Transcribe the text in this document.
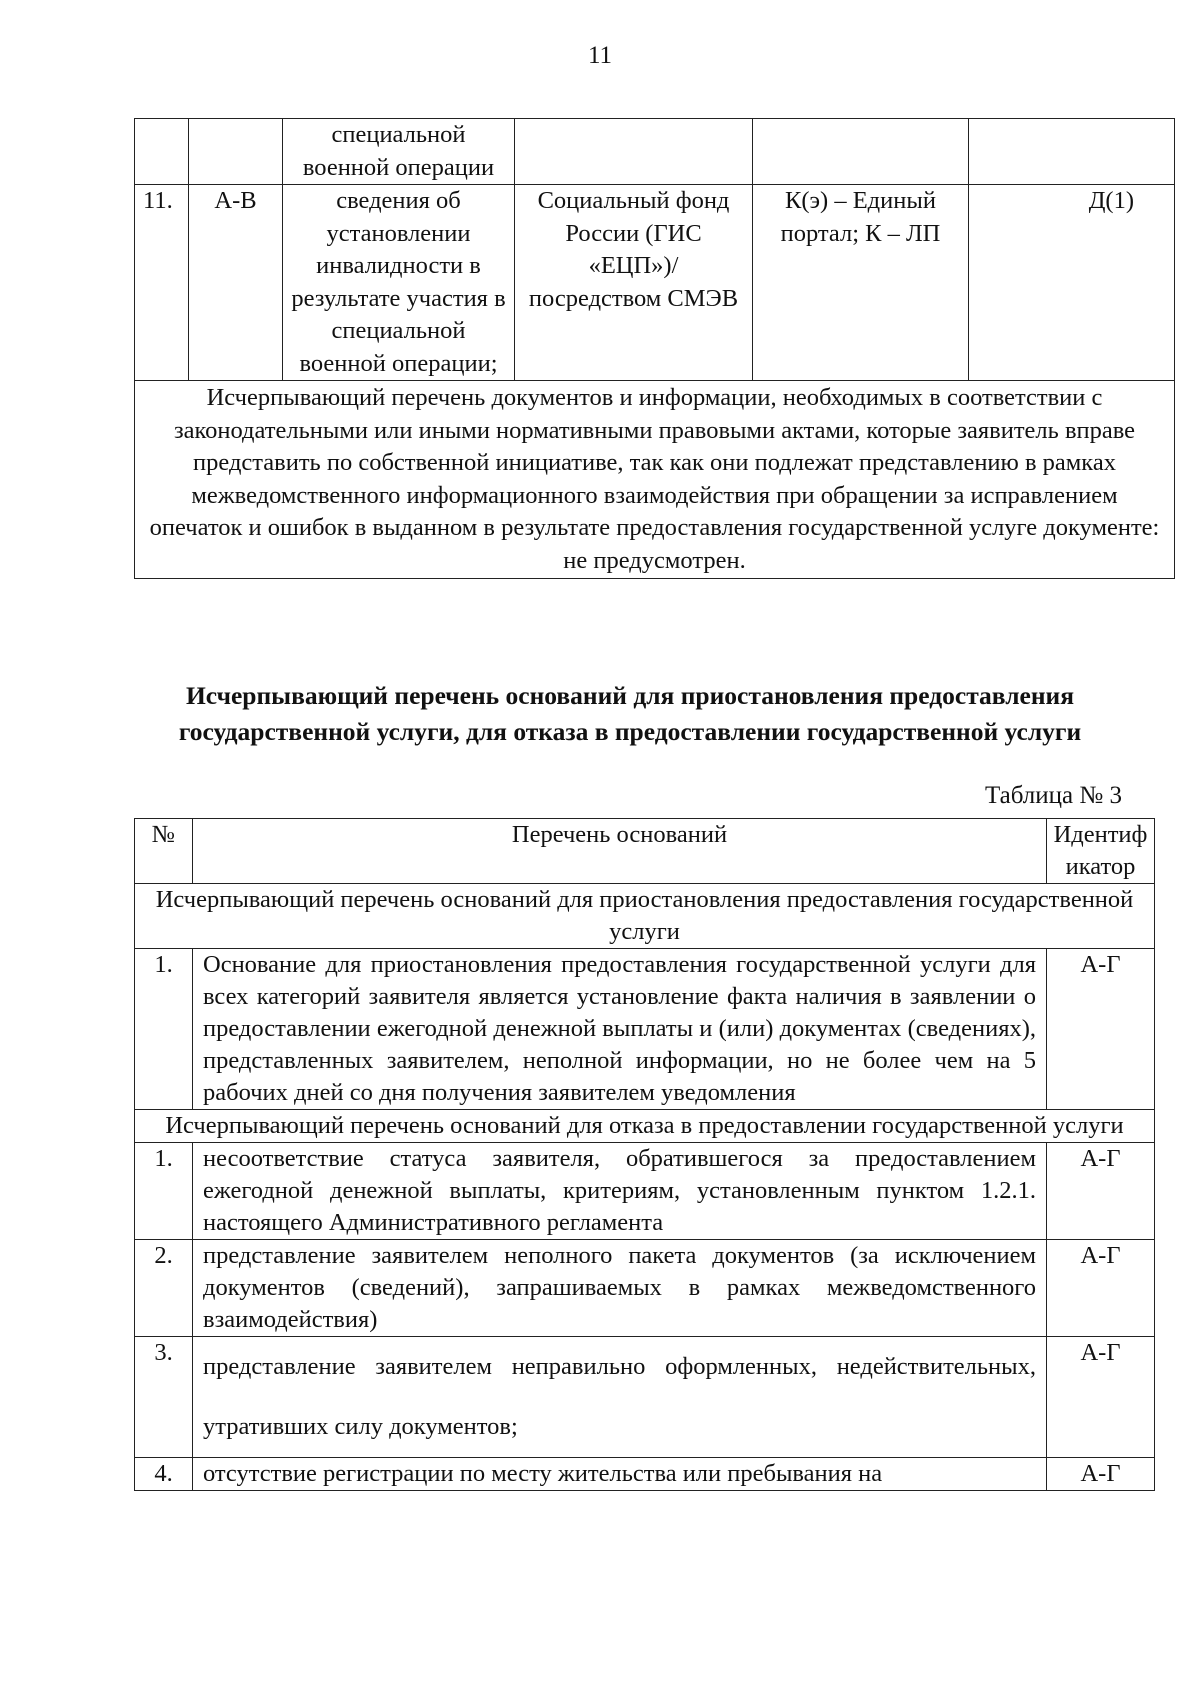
11
		специальной военной операции			
11.	А-В	сведения об установлении инвалидности в результате участия в специальной военной операции;	Социальный фонд России (ГИС «ЕЦП»)/ посредством СМЭВ	К(э) – Единый портал; К – ЛП	Д(1)
Исчерпывающий перечень документов и информации, необходимых в соответствии с законодательными или иными нормативными правовыми актами, которые заявитель вправе представить по собственной инициативе, так как они подлежат представлению в рамках межведомственного информационного взаимодействия при обращении за исправлением опечаток и ошибок в выданном в результате предоставления государственной услуге документе: не предусмотрен.					
Исчерпывающий перечень оснований для приостановления предоставления государственной услуги, для отказа в предоставлении государственной услуги
Таблица № 3
№	Перечень оснований	Идентификатор
Исчерпывающий перечень оснований для приостановления предоставления государственной услуги		
1.	Основание для приостановления предоставления государственной услуги для всех категорий заявителя является установление факта наличия в заявлении о предоставлении ежегодной денежной выплаты и (или) документах (сведениях), представленных заявителем, неполной информации, но не более чем на 5 рабочих дней со дня получения заявителем уведомления	А-Г
Исчерпывающий перечень оснований для отказа в предоставлении государственной услуги		
1.	несоответствие статуса заявителя, обратившегося за предоставлением ежегодной денежной выплаты, критериям, установленным пунктом 1.2.1. настоящего Административного регламента	А-Г
2.	представление заявителем неполного пакета документов (за исключением документов (сведений), запрашиваемых в рамках межведомственного взаимодействия)	А-Г
3.	представление заявителем неправильно оформленных, недействительных, утративших силу документов;	А-Г
4.	отсутствие регистрации по месту жительства или пребывания на	А-Г
